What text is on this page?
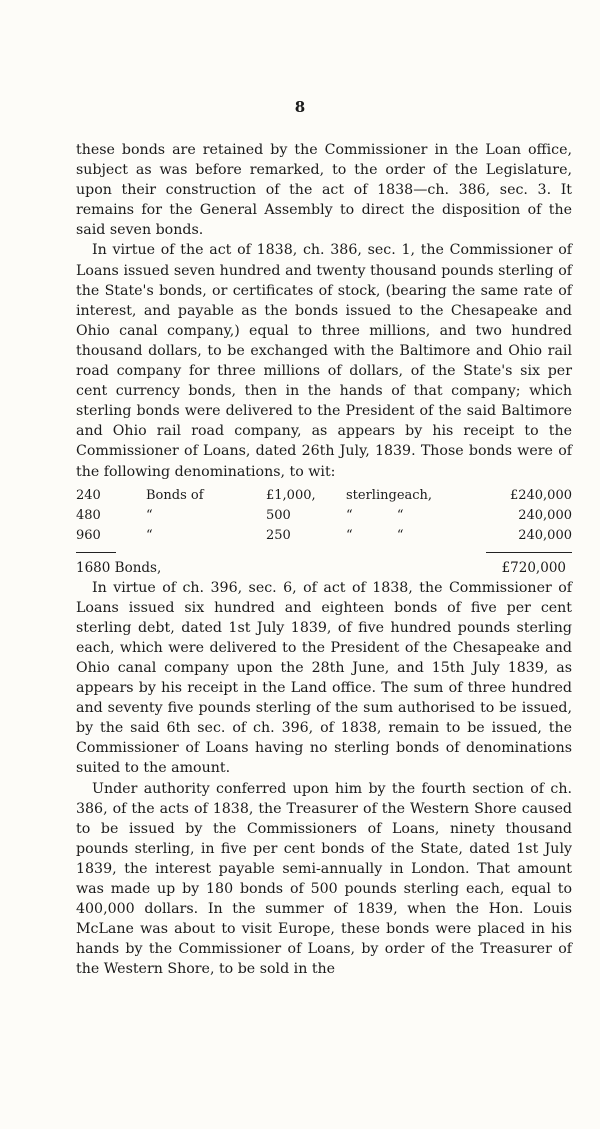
8

these bonds are retained by the Commissioner in the Loan office, subject as was before remarked, to the order of the Legislature, upon their construction of the act of 1838—ch. 386, sec. 3. It remains for the General Assembly to direct the disposition of the said seven bonds.

In virtue of the act of 1838, ch. 386, sec. 1, the Commissioner of Loans issued seven hundred and twenty thousand pounds sterling of the State's bonds, or certificates of stock, (bearing the same rate of interest, and payable as the bonds issued to the Chesapeake and Ohio canal company,) equal to three millions, and two hundred thousand dollars, to be exchanged with the Baltimore and Ohio rail road company for three millions of dollars, of the State's six per cent currency bonds, then in the hands of that company; which sterling bonds were delivered to the President of the said Baltimore and Ohio rail road company, as appears by his receipt to the Commissioner of Loans, dated 26th July, 1839. Those bonds were of the following denominations, to wit:

240	Bonds of	£1,000,	sterling	each,	£240,000
480	“	500	“	“	240,000
960	“	250	“	“	240,000
1680 Bonds,	£720,000

In virtue of ch. 396, sec. 6, of act of 1838, the Commissioner of Loans issued six hundred and eighteen bonds of five per cent sterling debt, dated 1st July 1839, of five hundred pounds sterling each, which were delivered to the President of the Chesapeake and Ohio canal company upon the 28th June, and 15th July 1839, as appears by his receipt in the Land office. The sum of three hundred and seventy five pounds sterling of the sum authorised to be issued, by the said 6th sec. of ch. 396, of 1838, remain to be issued, the Commissioner of Loans having no sterling bonds of denominations suited to the amount.

Under authority conferred upon him by the fourth section of ch. 386, of the acts of 1838, the Treasurer of the Western Shore caused to be issued by the Commissioners of Loans, ninety thousand pounds sterling, in five per cent bonds of the State, dated 1st July 1839, the interest payable semi-annually in London. That amount was made up by 180 bonds of 500 pounds sterling each, equal to 400,000 dollars. In the summer of 1839, when the Hon. Louis McLane was about to visit Europe, these bonds were placed in his hands by the Commissioner of Loans, by order of the Treasurer of the Western Shore, to be sold in the
